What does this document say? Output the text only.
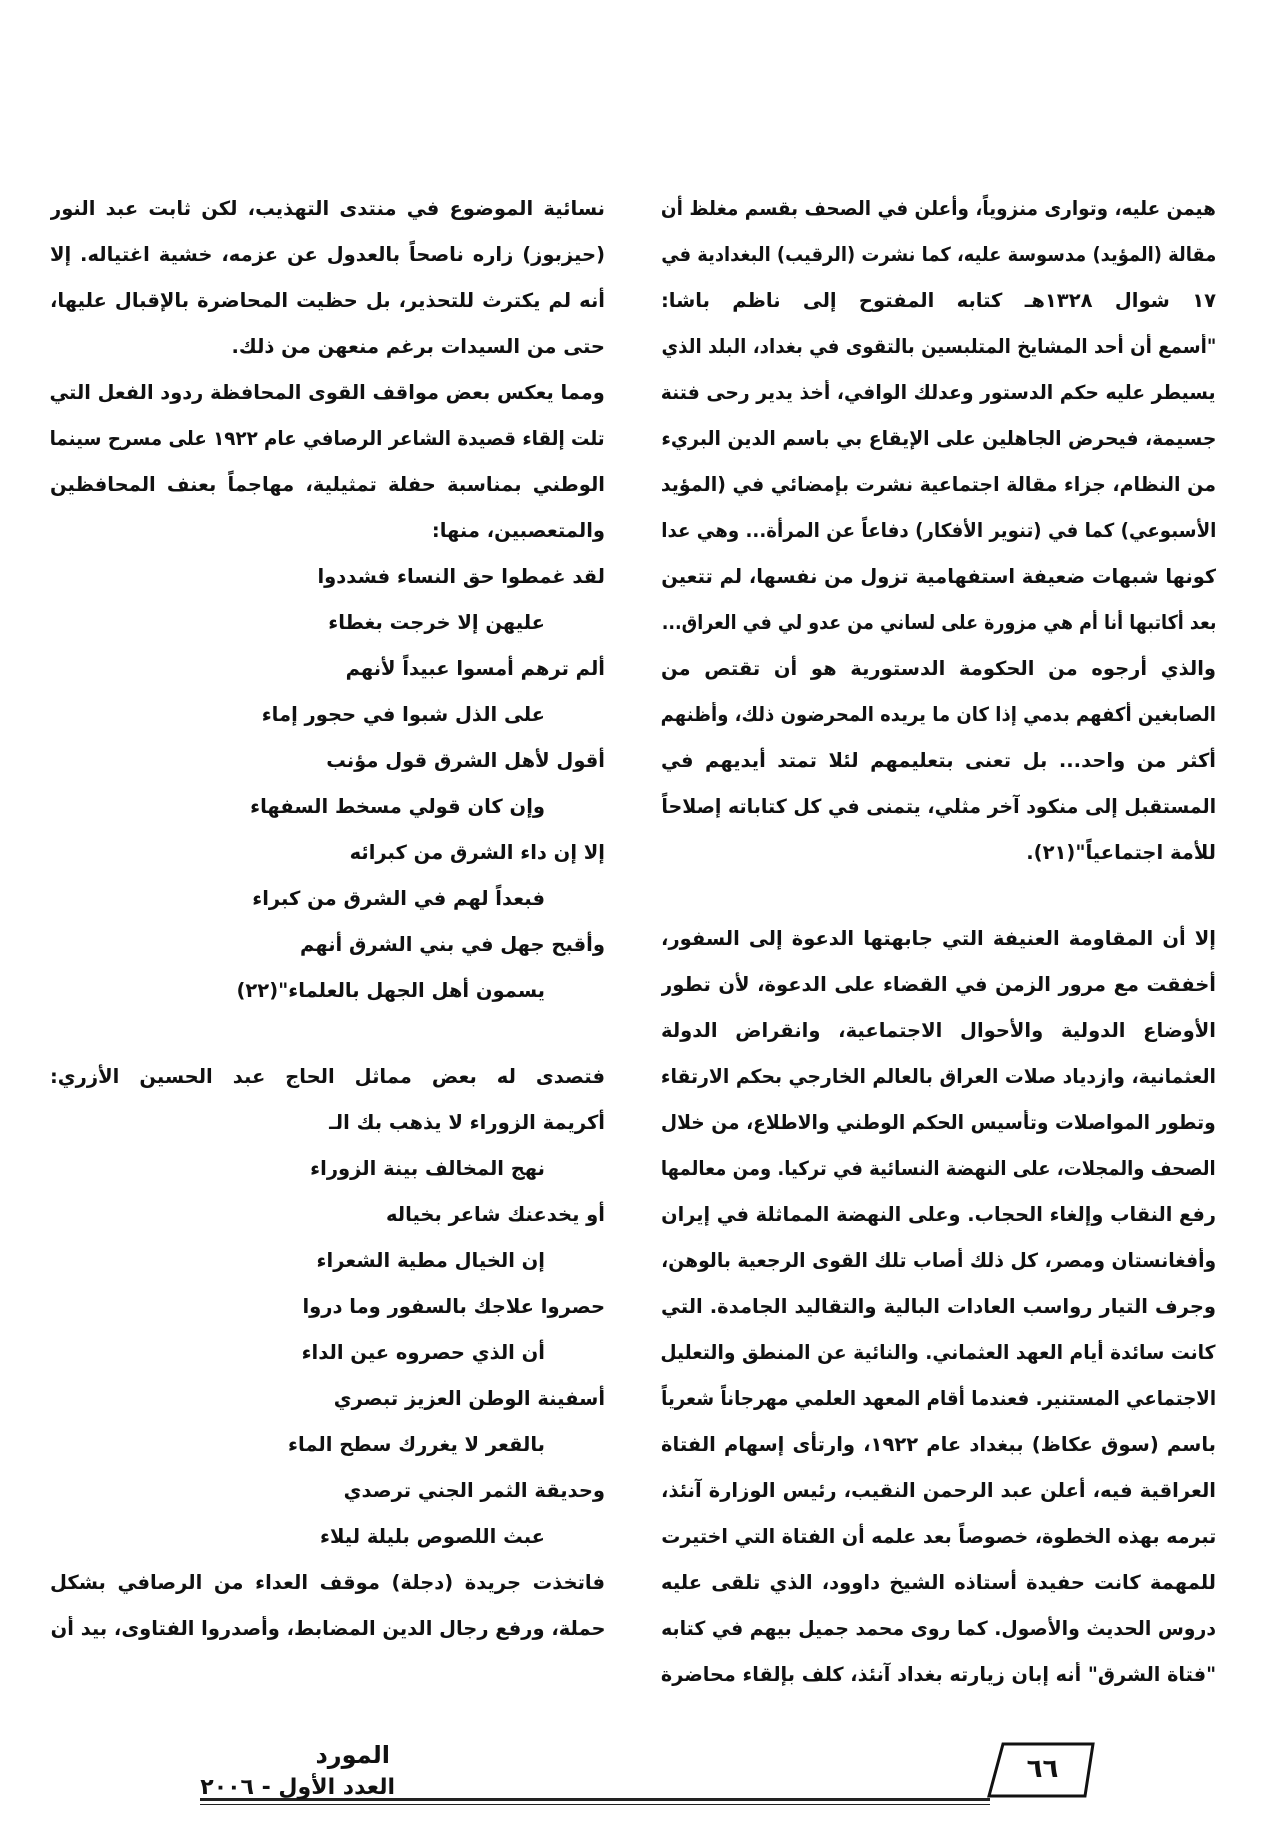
هيمن عليه، وتوارى منزوياً، وأعلن في الصحف بقسم مغلظ أن
مقالة (المؤيد) مدسوسة عليه، كما نشرت (الرقيب) البغدادية في
١٧ شوال ١٣٢٨هـ كتابه المفتوح إلى ناظم باشا:
"أسمع أن أحد المشايخ المتلبسين بالتقوى في بغداد، البلد الذي
يسيطر عليه حكم الدستور وعدلك الوافي، أخذ يدير رحى فتنة
جسيمة، فيحرض الجاهلين على الإيقاع بي باسم الدين البريء
من النظام، جزاء مقالة اجتماعية نشرت بإمضائي في (المؤيد
الأسبوعي) كما في (تنوير الأفكار) دفاعاً عن المرأة... وهي عدا
كونها شبهات ضعيفة استفهامية تزول من نفسها، لم تتعين
بعد أكاتبها أنا أم هي مزورة على لساني من عدو لي في العراق...
والذي أرجوه من الحكومة الدستورية هو أن تقتص من
الصابغين أكفهم بدمي إذا كان ما يريده المحرضون ذلك، وأظنهم
أكثر من واحد... بل تعنى بتعليمهم لئلا تمتد أيديهم في
المستقبل إلى منكود آخر مثلي، يتمنى في كل كتاباته إصلاحاً
للأمة اجتماعياً"(٢١).
إلا أن المقاومة العنيفة التي جابهتها الدعوة إلى السفور،
أخفقت مع مرور الزمن في القضاء على الدعوة، لأن تطور
الأوضاع الدولية والأحوال الاجتماعية، وانقراض الدولة
العثمانية، وازدياد صلات العراق بالعالم الخارجي بحكم الارتقاء
وتطور المواصلات وتأسيس الحكم الوطني والاطلاع، من خلال
الصحف والمجلات، على النهضة النسائية في تركيا. ومن معالمها
رفع النقاب وإلغاء الحجاب. وعلى النهضة المماثلة في إيران
وأفغانستان ومصر، كل ذلك أصاب تلك القوى الرجعية بالوهن،
وجرف التيار رواسب العادات البالية والتقاليد الجامدة. التي
كانت سائدة أيام العهد العثماني. والنائية عن المنطق والتعليل
الاجتماعي المستنير. فعندما أقام المعهد العلمي مهرجاناً شعرياً
باسم (سوق عكاظ) ببغداد عام ١٩٢٢، وارتأى إسهام الفتاة
العراقية فيه، أعلن عبد الرحمن النقيب، رئيس الوزارة آنئذ،
تبرمه بهذه الخطوة، خصوصاً بعد علمه أن الفتاة التي اختيرت
للمهمة كانت حفيدة أستاذه الشيخ داوود، الذي تلقى عليه
دروس الحديث والأصول. كما روى محمد جميل بيهم في كتابه
"فتاة الشرق" أنه إبان زيارته بغداد آنئذ، كلف بإلقاء محاضرة
نسائية الموضوع في منتدى التهذيب، لكن ثابت عبد النور
(حيزبوز) زاره ناصحاً بالعدول عن عزمه، خشية اغتياله. إلا
أنه لم يكترث للتحذير، بل حظيت المحاضرة بالإقبال عليها،
حتى من السيدات برغم منعهن من ذلك.
ومما يعكس بعض مواقف القوى المحافظة ردود الفعل التي
تلت إلقاء قصيدة الشاعر الرصافي عام ١٩٢٢ على مسرح سينما
الوطني بمناسبة حفلة تمثيلية، مهاجماً بعنف المحافظين
والمتعصبين، منها:
لقد غمطوا حق النساء فشددوا
عليهن إلا خرجت بغطاء
ألم ترهم أمسوا عبيداً لأنهم
على الذل شبوا في حجور إماء
أقول لأهل الشرق قول مؤنب
وإن كان قولي مسخط السفهاء
إلا إن داء الشرق من كبرائه
فبعداً لهم في الشرق من كبراء
وأقبح جهل في بني الشرق أنهم
يسمون أهل الجهل بالعلماء"(٢٢)
فتصدى له بعض مماثل الحاج عبد الحسين الأزري:
أكريمة الزوراء لا يذهب بك الـ
نهج المخالف بينة الزوراء
أو يخدعنك شاعر بخياله
إن الخيال مطية الشعراء
حصروا علاجك بالسفور وما دروا
أن الذي حصروه عين الداء
أسفينة الوطن العزيز تبصري
بالقعر لا يغررك سطح الماء
وحديقة الثمر الجني ترصدي
عبث اللصوص بليلة ليلاء
فاتخذت جريدة (دجلة) موقف العداء من الرصافي بشكل
حملة، ورفع رجال الدين المضابط، وأصدروا الفتاوى، بيد أن
٦٦
المورد
العدد الأول - ٢٠٠٦
